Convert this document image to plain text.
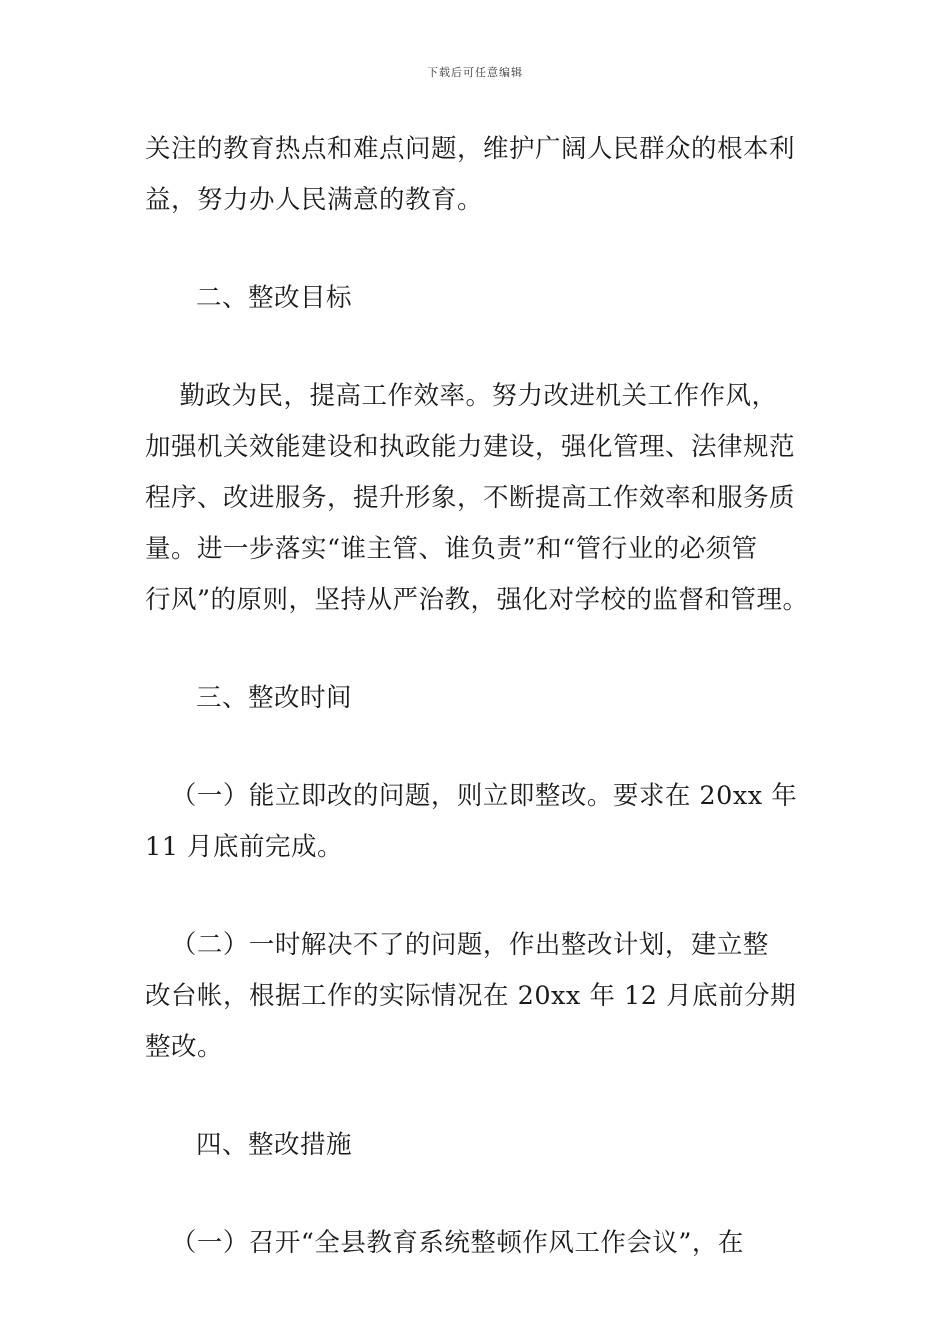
下载后可任意编辑

关注的教育热点和难点问题，维护广阔人民群众的根本利

益，努力办人民满意的教育。

二、整改目标

勤政为民，提高工作效率。努力改进机关工作作风，

加强机关效能建设和执政能力建设，强化管理、法律规范

程序、改进服务，提升形象，不断提高工作效率和服务质

量。进一步落实“谁主管、谁负责”和“管行业的必须管

行风”的原则，坚持从严治教，强化对学校的监督和管理。

三、整改时间

（一）能立即改的问题，则立即整改。要求在 20xx 年

11 月底前完成。

（二）一时解决不了的问题，作出整改计划，建立整

改台帐，根据工作的实际情况在 20xx 年 12 月底前分期整改。

四、整改措施

（一）召开“全县教育系统整顿作风工作会议”，在
